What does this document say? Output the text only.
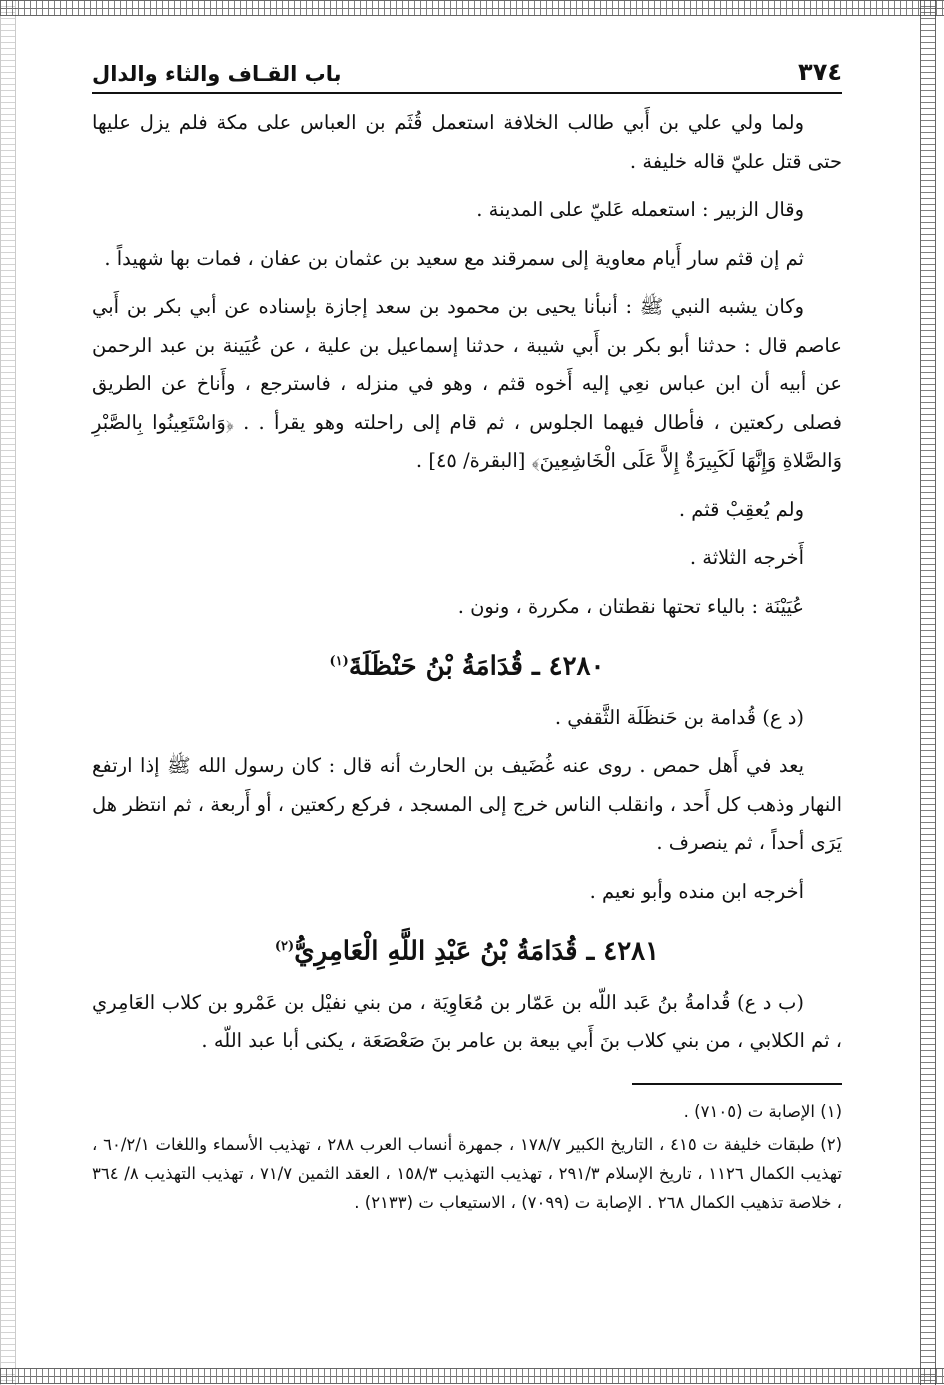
٣٧٤
باب القـاف والثاء والدال

ولما ولي علي بن أَبي طالب الخلافة استعمل قُثَم بن العباس على مكة فلم يزل عليها حتى قتل عليّ قاله خليفة .

وقال الزبير : استعمله عَليّ على المدينة .

ثم إن قثم سار أَيام معاوية إلى سمرقند مع سعيد بن عثمان بن عفان ، فمات بها شهيداً .

وكان يشبه النبي ﷺ : أنبأنا يحيى بن محمود بن سعد إجازة بإسناده عن أبي بكر بن أَبي عاصم قال : حدثنا أبو بكر بن أَبي شيبة ، حدثنا إسماعيل بن علية ، عن عُيَينة بن عبد الرحمن عن أبيه أن ابن عباس نعِي إليه أَخوه قثم ، وهو في منزله ، فاسترجع ، وأَناخ عن الطريق فصلى ركعتين ، فأطال فيهما الجلوس ، ثم قام إلى راحلته وهو يقرأ . . ﴿وَاسْتَعِينُوا بِالصَّبْرِ وَالصَّلاةِ وَإِنَّهَا لَكَبِيرَةٌ إِلاَّ عَلَى الْخَاشِعِينَ﴾ [البقرة/ ٤٥] .

ولم يُعقِبْ قثم .

أَخرجه الثلاثة .

عُيَيْنَة : بالياء تحتها نقطتان ، مكررة ، ونون .

٤٢٨٠ ـ قُدَامَةُ بْنُ حَنْظَلَةَ$^{(١)}$

(د ع) قُدامة بن حَنظَلَة الثَّقفي .

يعد في أَهل حمص . روى عنه غُضَيف بن الحارث أنه قال : كان رسول الله ﷺ إذا ارتفع النهار وذهب كل أَحد ، وانقلب الناس خرج إلى المسجد ، فركع ركعتين ، أو أَربعة ، ثم انتظر هل يَرَى أحداً ، ثم ينصرف .

أخرجه ابن منده وأبو نعيم .

٤٢٨١ ـ قُدَامَةُ بْنُ عَبْدِ اللَّهِ الْعَامِرِيُّ$^{(٢)}$

(ب د ع) قُدامةُ بنُ عَبد اللّه بن عَمّار بن مُعَاوِيَة ، من بني نفيْل بن عَمْرو بن كلاب العَامِري ، ثم الكلابي ، من بني كلاب بنَ أَبي بيعة بن عامر بنَ صَعْصَعَة ، يكنى أبا عبد اللّه .

(١) الإصابة ت (٧١٠٥) .

(٢) طبقات خليفة ت ٤١٥ ، التاريخ الكبير ١٧٨/٧ ، جمهرة أنساب العرب ٢٨٨ ، تهذيب الأسماء واللغات ٦٠/٢/١ ، تهذيب الكمال ١١٢٦ ، تاريخ الإسلام ٢٩١/٣ ، تهذيب التهذيب ١٥٨/٣ ، العقد الثمين ٧١/٧ ، تهذيب التهذيب ٨/ ٣٦٤ ، خلاصة تذهيب الكمال ٢٦٨ . الإصابة ت (٧٠٩٩) ، الاستيعاب ت (٢١٣٣) .
